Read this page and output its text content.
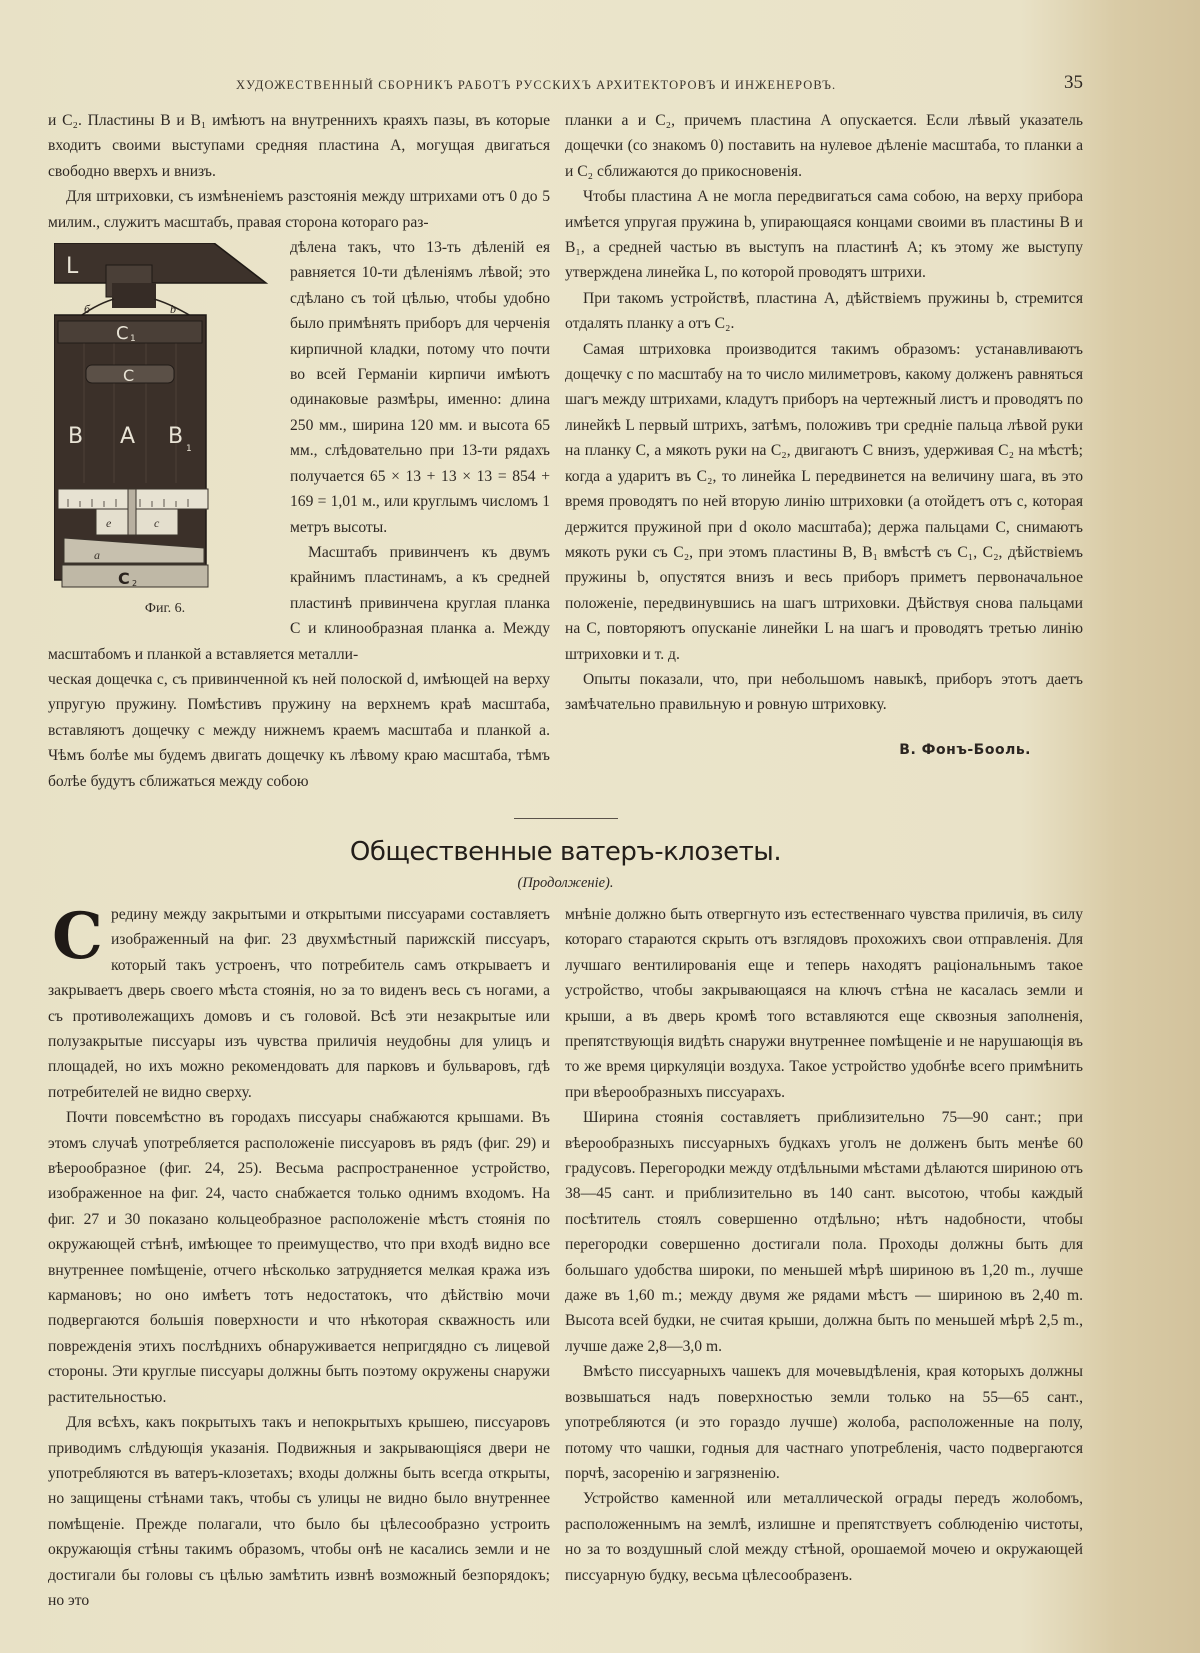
ХУДОЖЕСТВЕННЫЙ СБОРНИКЪ РАБОТЪ РУССКИХЪ АРХИТЕКТОРОВЪ И ИНЖЕНЕРОВЪ.	35

и C₂. Пластины B и B₁ имѣютъ на внутреннихъ краяхъ пазы, въ которые входитъ своими выступами средняя пластина A, могущая двигаться свободно вверхъ и внизъ.

Для штриховки, съ измѣненіемъ разстоянія между штрихами отъ 0 до 5 милим., служитъ масштабъ, правая сторона котораго раз-

L
б	b
C 1
C
B A B 1
e	c
a
C 2
Фиг. 6.

дѣлена такъ, что 13-ть дѣленій ея равняется 10-ти дѣленіямъ лѣвой; это сдѣлано съ той цѣлью, чтобы удобно было примѣнять приборъ для черченія кирпичной кладки, потому что почти во всей Германіи кирпичи имѣютъ одинаковые размѣры, именно: длина 250 мм., ширина 120 мм. и высота 65 мм., слѣдовательно при 13-ти рядахъ получается 65 × 13 + 13 × 13 = 854 + 169 = 1,01 м., или круглымъ числомъ 1 метръ высоты.

Масштабъ привинченъ къ двумъ крайнимъ пластинамъ, а къ средней пластинѣ привинчена круглая планка C и клинообразная планка a. Между масштабомъ и планкой a вставляется металли-

ческая дощечка c, съ привинченной къ ней полоской d, имѣющей на верху упругую пружину. Помѣстивъ пружину на верхнемъ краѣ масштаба, вставляютъ дощечку c между нижнемъ краемъ масштаба и планкой a. Чѣмъ болѣе мы будемъ двигать дощечку къ лѣвому краю масштаба, тѣмъ болѣе будутъ сближаться между собою

планки a и C₂, причемъ пластина A опускается. Если лѣвый указатель дощечки (со знакомъ 0) поставить на нулевое дѣленіе масштаба, то планки a и C₂ сближаются до прикосновенія.

Чтобы пластина A не могла передвигаться сама собою, на верху прибора имѣется упругая пружина b, упирающаяся концами своими въ пластины B и B₁, а средней частью въ выступъ на пластинѣ A; къ этому же выступу утверждена линейка L, по которой проводятъ штрихи.

При такомъ устройствѣ, пластина A, дѣйствіемъ пружины b, стремится отдалять планку a отъ C₂.

Самая штриховка производится такимъ образомъ: устанавливаютъ дощечку c по масштабу на то число милиметровъ, какому долженъ равняться шагъ между штрихами, кладутъ приборъ на чертежный листъ и проводятъ по линейкѣ L первый штрихъ, затѣмъ, положивъ три средніе пальца лѣвой руки на планку C, а мякоть руки на C₂, двигаютъ C внизъ, удерживая C₂ на мѣстѣ; когда a ударитъ въ C₂, то линейка L передвинется на величину шага, въ это время проводятъ по ней вторую линію штриховки (a отойдетъ отъ c, которая держится пружиной при d около масштаба); держа пальцами C, снимаютъ мякоть руки съ C₂, при этомъ пластины B, B₁ вмѣстѣ съ C₁, C₂, дѣйствіемъ пружины b, опустятся внизъ и весь приборъ приметъ первоначальное положеніе, передвинувшись на шагъ штриховки. Дѣйствуя снова пальцами на C, повторяютъ опусканіе линейки L на шагъ и проводятъ третью линію штриховки и т. д.

Опыты показали, что, при небольшомъ навыкѣ, приборъ этотъ даетъ замѣчательно правильную и ровную штриховку.

В. Фонъ-Бооль.
Общественные ватеръ-клозеты.
(Продолженіе).

Средину между закрытыми и открытыми писсуарами составляетъ изображенный на фиг. 23 двухмѣстный парижскій писсуаръ, который такъ устроенъ, что потребитель самъ открываетъ и закрываетъ дверь своего мѣста стоянія, но за то виденъ весь съ ногами, а съ противолежащихъ домовъ и съ головой. Всѣ эти незакрытые или полузакрытые писсуары изъ чувства приличія неудобны для улицъ и площадей, но ихъ можно рекомендовать для парковъ и бульваровъ, гдѣ потребителей не видно сверху.

Почти повсемѣстно въ городахъ писсуары снабжаются крышами. Въ этомъ случаѣ употребляется расположеніе писсуаровъ въ рядъ (фиг. 29) и вѣерообразное (фиг. 24, 25). Весьма распространенное устройство, изображенное на фиг. 24, часто снабжается только однимъ входомъ. На фиг. 27 и 30 показано кольцеобразное расположеніе мѣстъ стоянія по окружающей стѣнѣ, имѣющее то преимущество, что при входѣ видно все внутреннее помѣщеніе, отчего нѣсколько затрудняется мелкая кража изъ кармановъ; но оно имѣетъ тотъ недостатокъ, что дѣйствію мочи подвергаются большія поверхности и что нѣкоторая скважность или поврежденія этихъ послѣднихъ обнаруживается непригдядно съ лицевой стороны. Эти круглые писсуары должны быть поэтому окружены снаружи растительностью.

Для всѣхъ, какъ покрытыхъ такъ и непокрытыхъ крышею, писсуаровъ приводимъ слѣдующія указанія. Подвижныя и закрывающіяся двери не употребляются въ ватеръ-клозетахъ; входы должны быть всегда открыты, но защищены стѣнами такъ, чтобы съ улицы не видно было внутреннее помѣщеніе. Прежде полагали, что было бы цѣлесообразно устроить окружающія стѣны такимъ образомъ, чтобы онѣ не касались земли и не достигали бы головы съ цѣлью замѣтить извнѣ возможный безпорядокъ; но это

мнѣніе должно быть отвергнуто изъ естественнаго чувства приличія, въ силу котораго стараются скрыть отъ взглядовъ прохожихъ свои отправленія. Для лучшаго вентилированія еще и теперь находятъ раціональнымъ такое устройство, чтобы закрывающаяся на ключъ стѣна не касалась земли и крыши, а въ дверь кромѣ того вставляются еще сквозныя заполненія, препятствующія видѣть снаружи внутреннее помѣщеніе и не нарушающія въ то же время циркуляціи воздуха. Такое устройство удобнѣе всего примѣнить при вѣерообразныхъ писсуарахъ.

Ширина стоянія составляетъ приблизительно 75—90 сант.; при вѣерообразныхъ писсуарныхъ будкахъ уголъ не долженъ быть менѣе 60 градусовъ. Перегородки между отдѣльными мѣстами дѣлаются шириною отъ 38—45 сант. и приблизительно въ 140 сант. высотою, чтобы каждый посѣтитель стоялъ совершенно отдѣльно; нѣтъ надобности, чтобы перегородки совершенно достигали пола. Проходы должны быть для большаго удобства широки, по меньшей мѣрѣ шириною въ 1,20 m., лучше даже въ 1,60 m.; между двумя же рядами мѣстъ — шириною въ 2,40 m. Высота всей будки, не считая крыши, должна быть по меньшей мѣрѣ 2,5 m., лучше даже 2,8—3,0 m.

Вмѣсто писсуарныхъ чашекъ для мочевыдѣленія, края которыхъ должны возвышаться надъ поверхностью земли только на 55—65 сант., употребляются (и это гораздо лучше) жолоба, расположенные на полу, потому что чашки, годныя для частнаго употребленія, часто подвергаются порчѣ, засоренію и загрязненію.

Устройство каменной или металлической ограды передъ жолобомъ, расположеннымъ на землѣ, излишне и препятствуетъ соблюденію чистоты, но за то воздушный слой между стѣной, орошаемой мочею и окружающей писсуарную будку, весьма цѣлесообразенъ.
